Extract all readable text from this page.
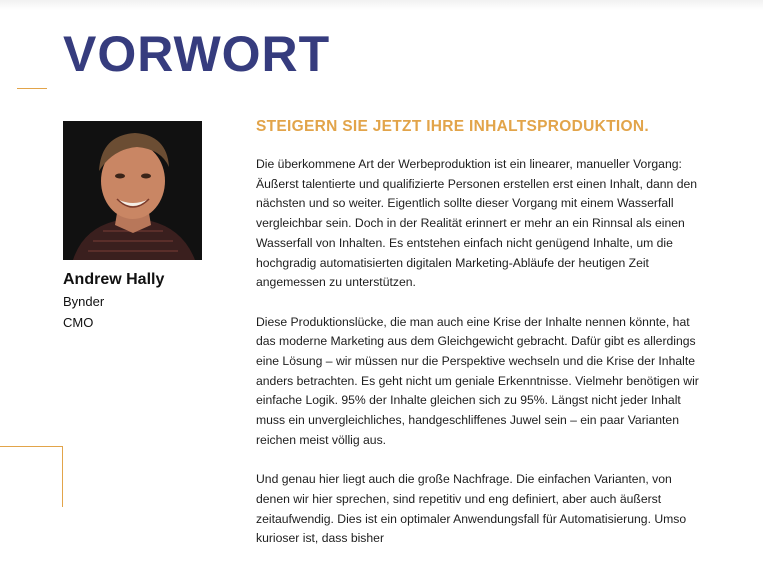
VORWORT
Andrew Hally
Bynder
CMO
STEIGERN SIE JETZT IHRE INHALTSPRODUKTION.

Die überkommene Art der Werbeproduktion ist ein linearer, manueller Vorgang: Äußerst talentierte und qualifizierte Personen erstellen erst einen Inhalt, dann den nächsten und so weiter. Eigentlich sollte dieser Vorgang mit einem Wasserfall vergleichbar sein. Doch in der Realität erinnert er mehr an ein Rinnsal als einen Wasserfall von Inhalten. Es entstehen einfach nicht genügend Inhalte, um die hochgradig automatisierten digitalen Marketing-Abläufe der heutigen Zeit angemessen zu unterstützen.

Diese Produktionslücke, die man auch eine Krise der Inhalte nennen könnte, hat das moderne Marketing aus dem Gleichgewicht gebracht. Dafür gibt es allerdings eine Lösung – wir müssen nur die Perspektive wechseln und die Krise der Inhalte anders betrachten. Es geht nicht um geniale Erkenntnisse. Vielmehr benötigen wir einfache Logik. 95% der Inhalte gleichen sich zu 95%. Längst nicht jeder Inhalt muss ein unvergleichliches, handgeschliffenes Juwel sein – ein paar Varianten reichen meist völlig aus.

Und genau hier liegt auch die große Nachfrage. Die einfachen Varianten, von denen wir hier sprechen, sind repetitiv und eng definiert, aber auch äußerst zeitaufwendig. Dies ist ein optimaler Anwendungsfall für Automatisierung. Umso kurioser ist, dass bisher
